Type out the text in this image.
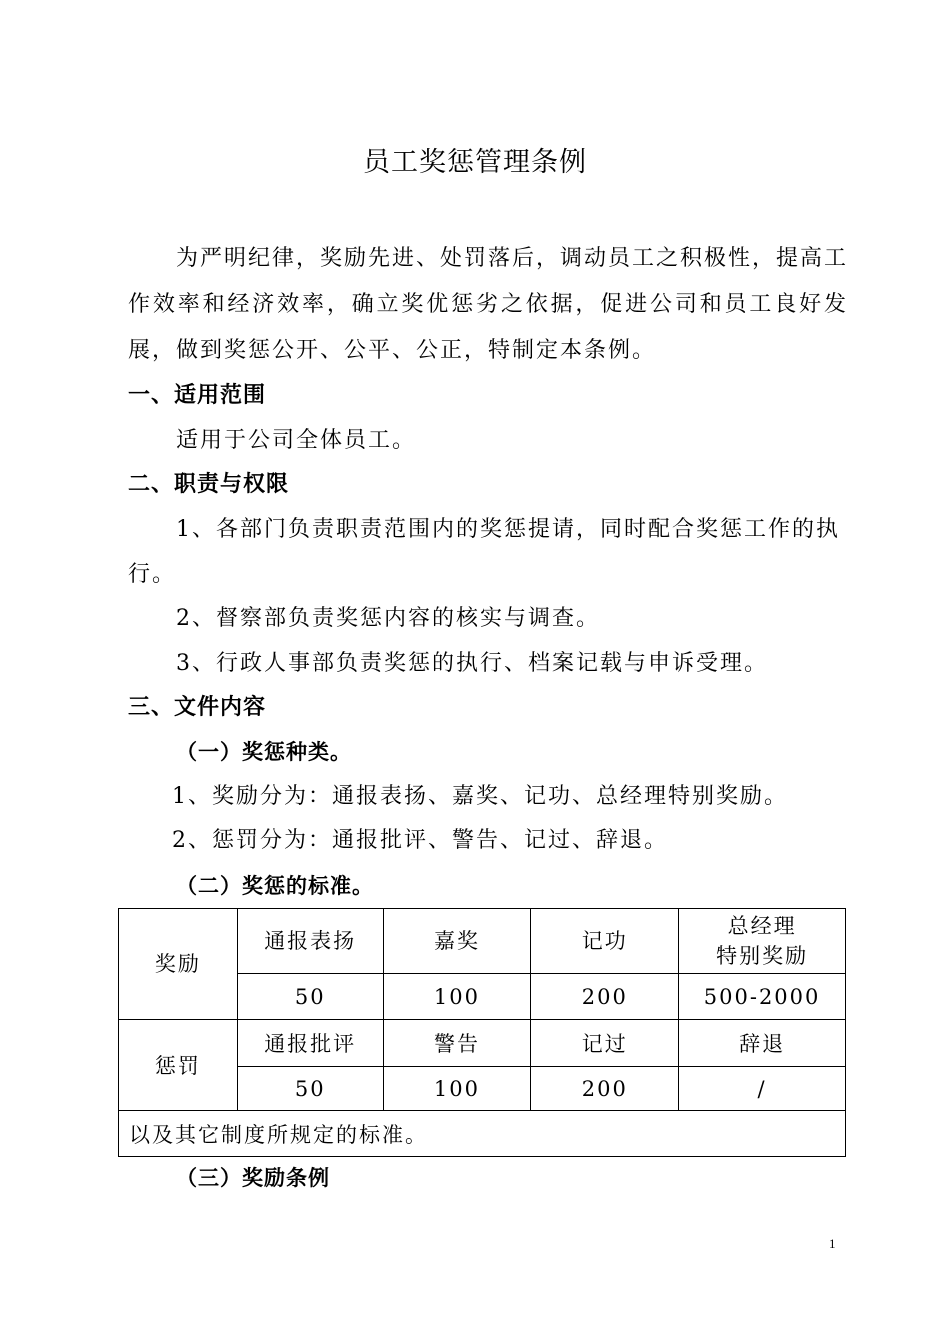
员工奖惩管理条例

为严明纪律，奖励先进、处罚落后，调动员工之积极性，提高工作效率和经济效率，确立奖优惩劣之依据，促进公司和员工良好发展，做到奖惩公开、公平、公正，特制定本条例。

一、适用范围
适用于公司全体员工。
二、职责与权限
1、各部门负责职责范围内的奖惩提请，同时配合奖惩工作的执
行。
2、督察部负责奖惩内容的核实与调查。
3、行政人事部负责奖惩的执行、档案记载与申诉受理。
三、文件内容
（一）奖惩种类。
1、奖励分为：通报表扬、嘉奖、记功、总经理特别奖励。
2、惩罚分为：通报批评、警告、记过、辞退。
（二）奖惩的标准。
奖励	通报表扬	嘉奖	记功	总经理
特别奖励

	50	100	200	500-2000
惩罚	通报批评	警告	记过	辞退
	50	100	200	/
以及其它制度所规定的标准。				
（三）奖励条例
1
